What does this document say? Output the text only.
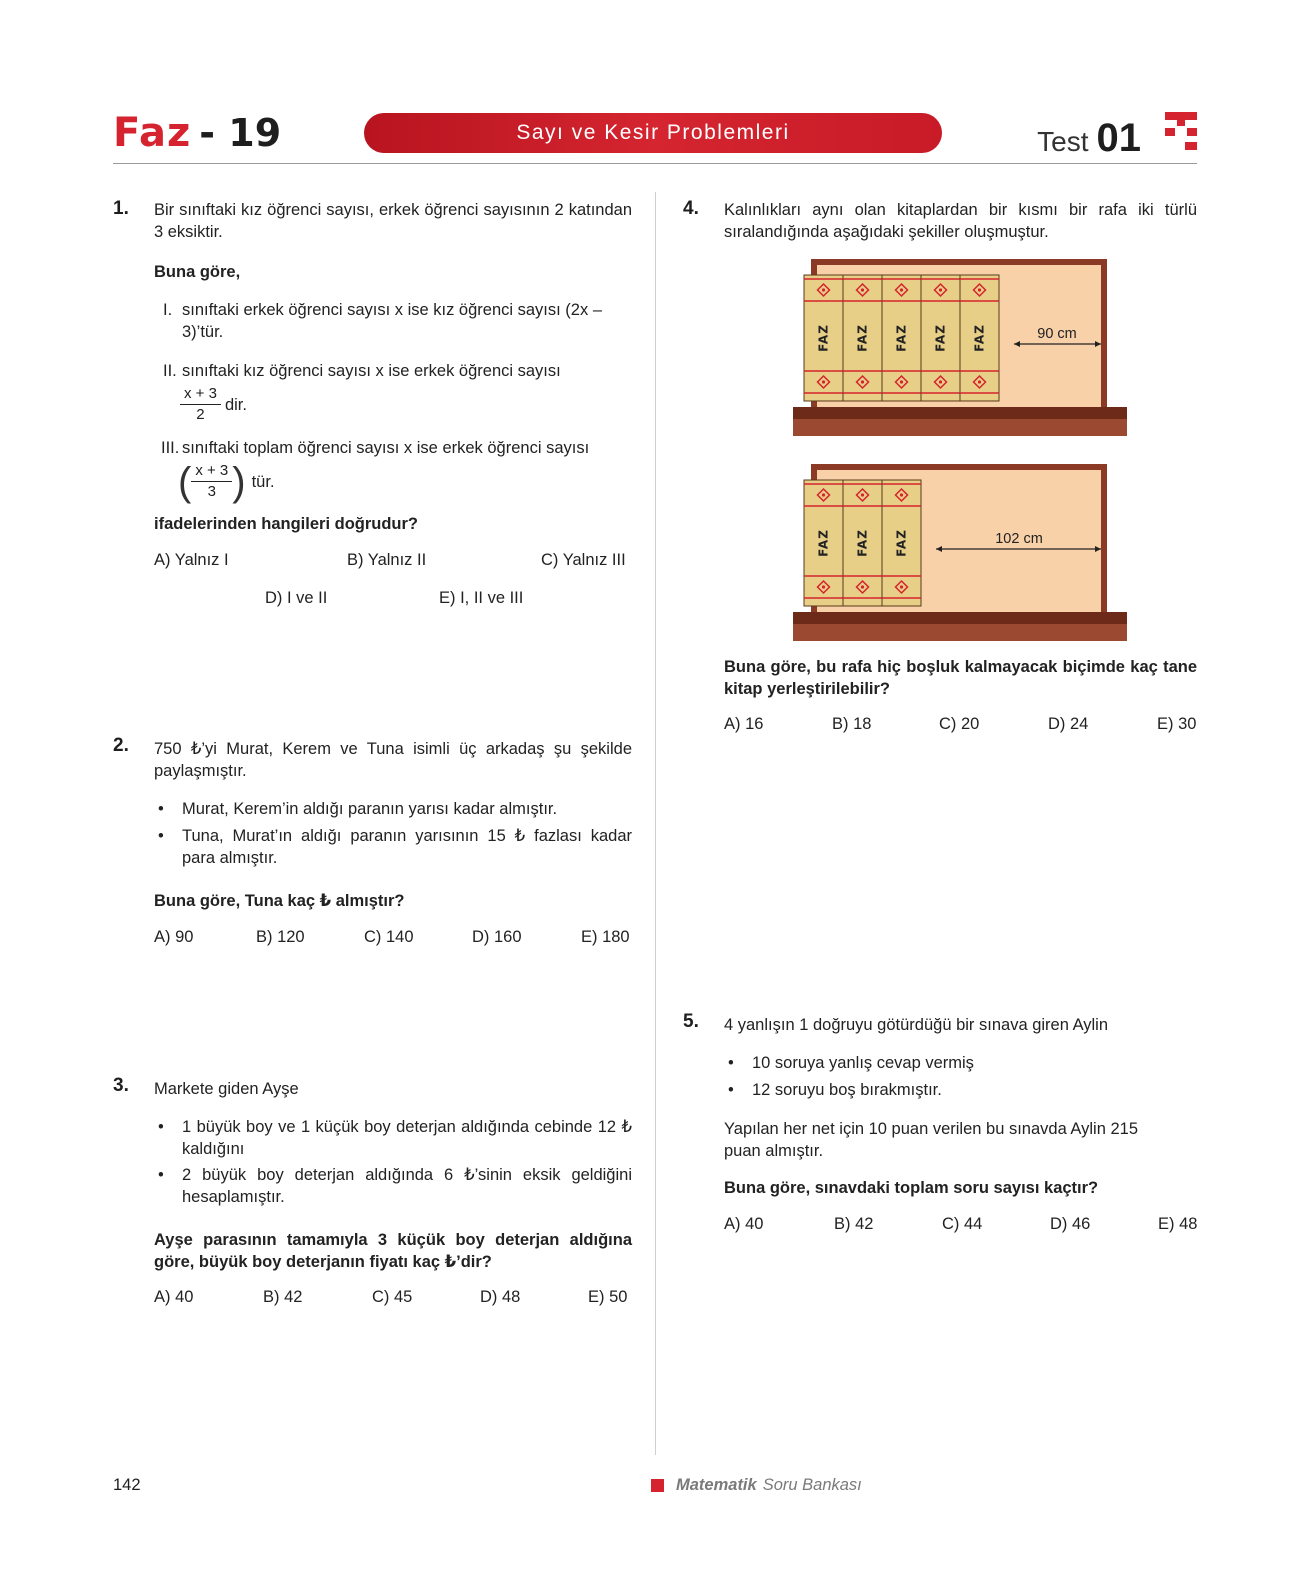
Faz - 19	Sayı ve Kesir Problemleri	Test 01
1. Bir sınıftaki kız öğrenci sayısı, erkek öğrenci sayısının 2 katından 3 eksiktir.
Buna göre,
I. sınıftaki erkek öğrenci sayısı x ise kız öğrenci sayısı (2x – 3)’tür.
II. sınıftaki kız öğrenci sayısı x ise erkek öğrenci sayısı
$\frac{x + 3}{2}$ dir.
III. sınıftaki toplam öğrenci sayısı x ise erkek öğrenci sayısı
( $\frac{x + 3}{3}$ ) tür.
ifadelerinden hangileri doğrudur?
A) Yalnız I	B) Yalnız II	C) Yalnız III
D) I ve II	E) I, II ve III
2. 750 ₺’yi Murat, Kerem ve Tuna isimli üç arkadaş şu şekilde paylaşmıştır.
• Murat, Kerem’in aldığı paranın yarısı kadar almıştır.
• Tuna, Murat’ın aldığı paranın yarısının 15 ₺ fazlası kadar para almıştır.
Buna göre, Tuna kaç ₺ almıştır?
A) 90	B) 120	C) 140	D) 160	E) 180
3. Markete giden Ayşe
• 1 büyük boy ve 1 küçük boy deterjan aldığında cebinde 12 ₺ kaldığını
• 2 büyük boy deterjan aldığında 6 ₺’sinin eksik geldiğini hesaplamıştır.
Ayşe parasının tamamıyla 3 küçük boy deterjan aldığına göre, büyük boy deterjanın fiyatı kaç ₺’dir?
A) 40	B) 42	C) 45	D) 48	E) 50
4. Kalınlıkları aynı olan kitaplardan bir kısmı bir rafa iki türlü sıralandığında aşağıdaki şekiller oluşmuştur.
FAZ FAZ FAZ FAZ FAZ	90 cm
FAZ FAZ FAZ	102 cm
Buna göre, bu rafa hiç boşluk kalmayacak biçimde kaç tane kitap yerleştirilebilir?
A) 16	B) 18	C) 20	D) 24	E) 30
5. 4 yanlışın 1 doğruyu götürdüğü bir sınava giren Aylin
• 10 soruya yanlış cevap vermiş
• 12 soruyu boş bırakmıştır.
Yapılan her net için 10 puan verilen bu sınavda Aylin 215 puan almıştır.
Buna göre, sınavdaki toplam soru sayısı kaçtır?
A) 40	B) 42	C) 44	D) 46	E) 48
142	Matematik Soru Bankası
